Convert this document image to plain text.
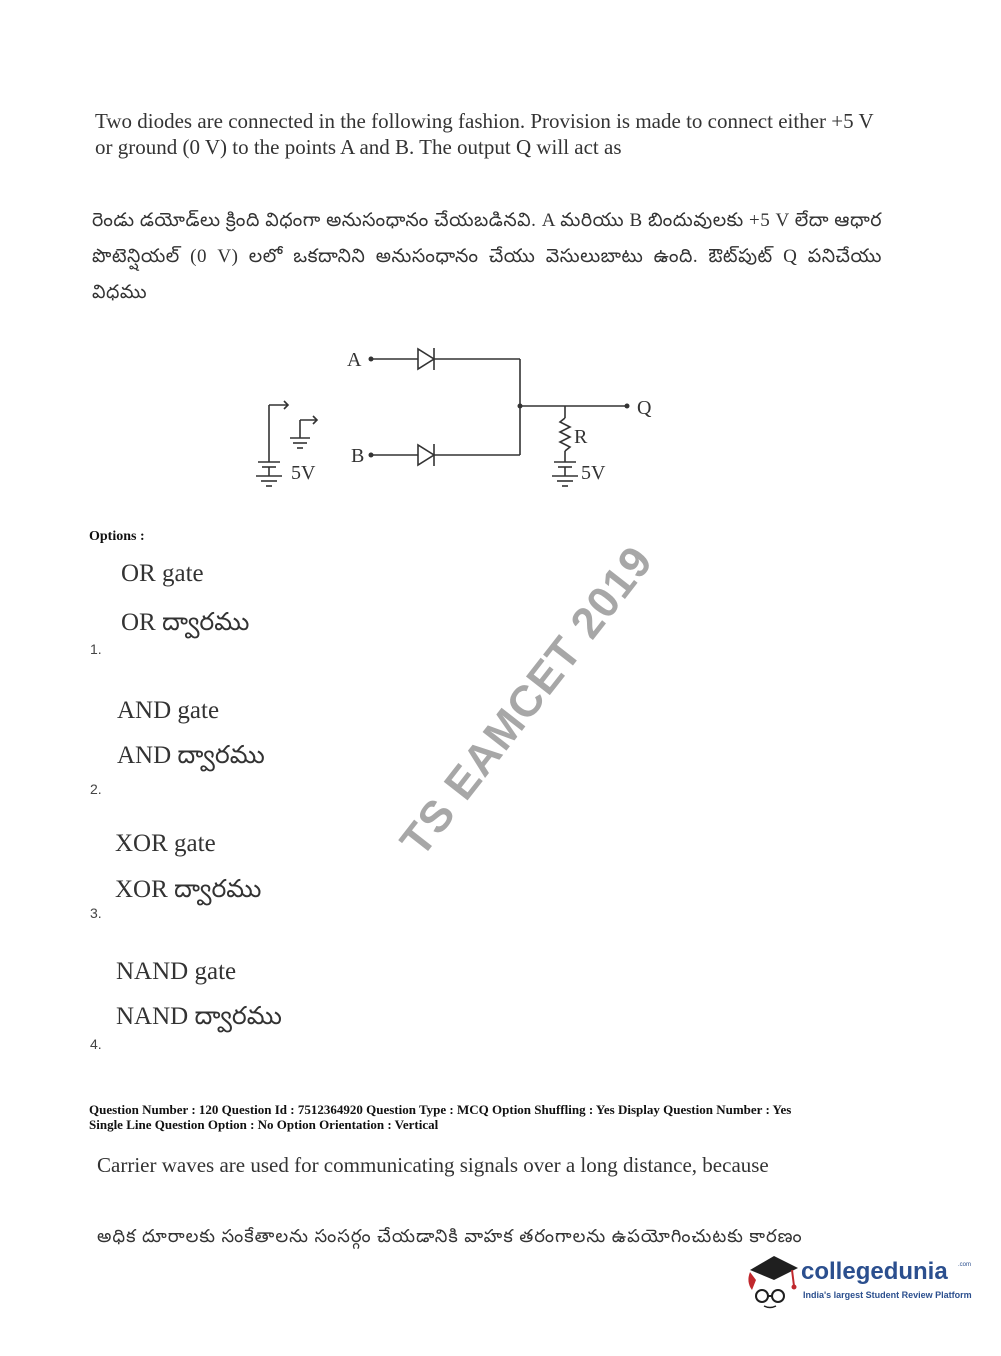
Two diodes are connected in the following fashion. Provision is made to connect either +5 V or ground (0 V) to the points A and B. The output Q will act as
రెండు డయోడ్‌లు క్రింది విధంగా అనుసంధానం చేయబడినవి. A మరియు B బిందువులకు +5 V లేదా ఆధార పొటెన్షియల్ (0 V) లలో ఒకదానిని అనుసంధానం చేయు వెసులుబాటు ఉంది. ఔట్‌పుట్ Q పనిచేయు విధము
A
B
Q
R
5V	5V
Options :
OR gate
OR ద్వారము
1.
AND gate
AND ద్వారము
2.
XOR gate
XOR ద్వారము
3.
NAND gate
NAND ద్వారము
4.
Question Number : 120 Question Id : 7512364920 Question Type : MCQ Option Shuffling : Yes Display Question Number : Yes
Single Line Question Option : No Option Orientation : Vertical
Carrier waves are used for communicating signals over a long distance, because
అధిక దూరాలకు సంకేతాలను సంసర్గం చేయడానికి వాహక తరంగాలను ఉపయోగించుటకు కారణం
TS EAMCET 2019
collegedunia .com
India's largest Student Review Platform
